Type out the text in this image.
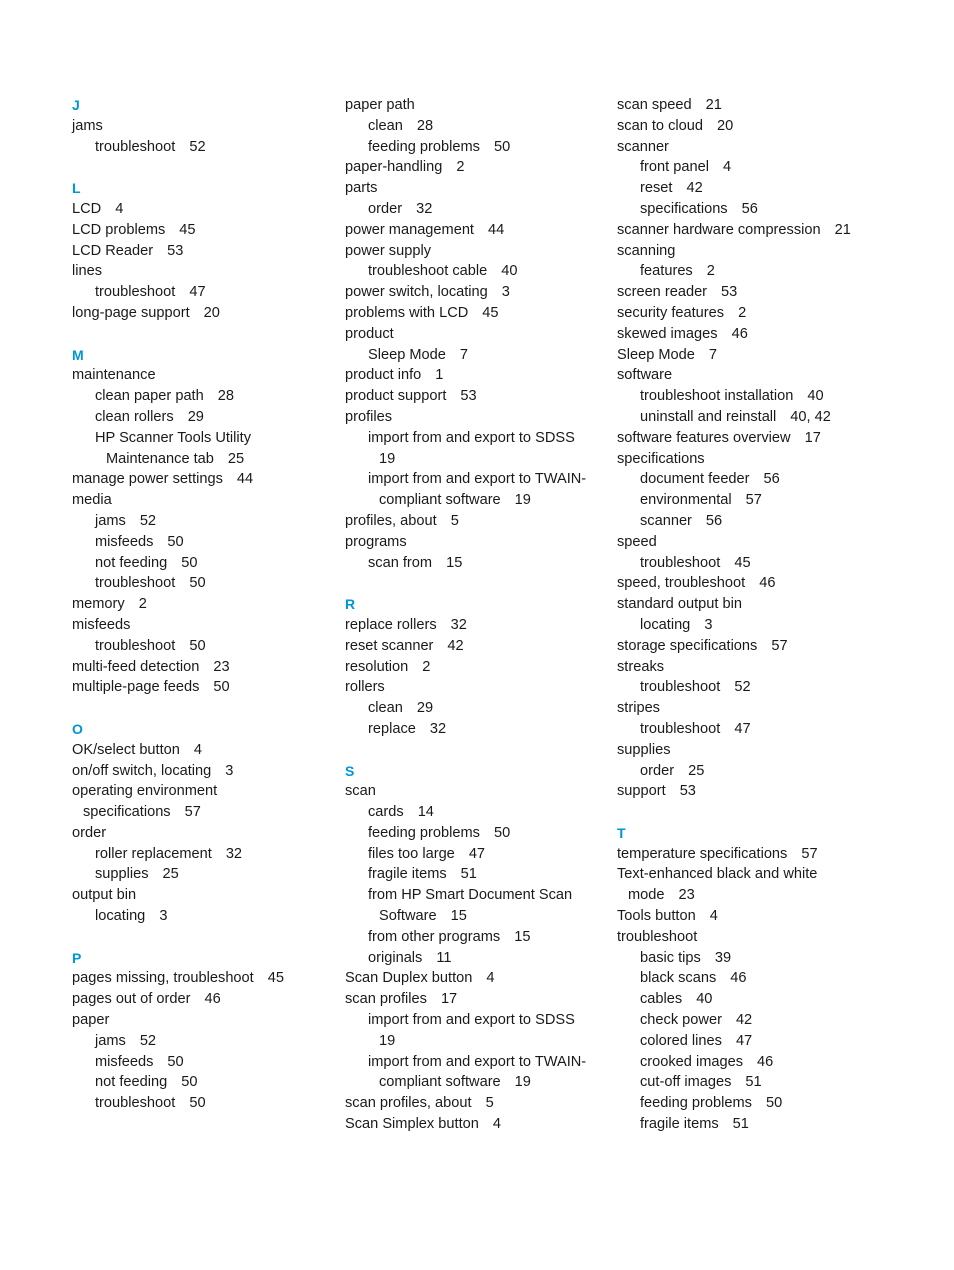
J
jams
troubleshoot 52
L
LCD 4
LCD problems 45
LCD Reader 53
lines
troubleshoot 47
long-page support 20
M
maintenance
clean paper path 28
clean rollers 29
HP Scanner Tools Utility
Maintenance tab 25
manage power settings 44
media
jams 52
misfeeds 50
not feeding 50
troubleshoot 50
memory 2
misfeeds
troubleshoot 50
multi-feed detection 23
multiple-page feeds 50
O
OK/select button 4
on/off switch, locating 3
operating environment
specifications 57
order
roller replacement 32
supplies 25
output bin
locating 3
P
pages missing, troubleshoot 45
pages out of order 46
paper
jams 52
misfeeds 50
not feeding 50
troubleshoot 50
paper path
clean 28
feeding problems 50
paper-handling 2
parts
order 32
power management 44
power supply
troubleshoot cable 40
power switch, locating 3
problems with LCD 45
product
Sleep Mode 7
product info 1
product support 53
profiles
import from and export to SDSS
19
import from and export to TWAIN-
compliant software 19
profiles, about 5
programs
scan from 15
R
replace rollers 32
reset scanner 42
resolution 2
rollers
clean 29
replace 32
S
scan
cards 14
feeding problems 50
files too large 47
fragile items 51
from HP Smart Document Scan
Software 15
from other programs 15
originals 11
Scan Duplex button 4
scan profiles 17
import from and export to SDSS
19
import from and export to TWAIN-
compliant software 19
scan profiles, about 5
Scan Simplex button 4
scan speed 21
scan to cloud 20
scanner
front panel 4
reset 42
specifications 56
scanner hardware compression 21
scanning
features 2
screen reader 53
security features 2
skewed images 46
Sleep Mode 7
software
troubleshoot installation 40
uninstall and reinstall 40, 42
software features overview 17
specifications
document feeder 56
environmental 57
scanner 56
speed
troubleshoot 45
speed, troubleshoot 46
standard output bin
locating 3
storage specifications 57
streaks
troubleshoot 52
stripes
troubleshoot 47
supplies
order 25
support 53
T
temperature specifications 57
Text-enhanced black and white
mode 23
Tools button 4
troubleshoot
basic tips 39
black scans 46
cables 40
check power 42
colored lines 47
crooked images 46
cut-off images 51
feeding problems 50
fragile items 51
